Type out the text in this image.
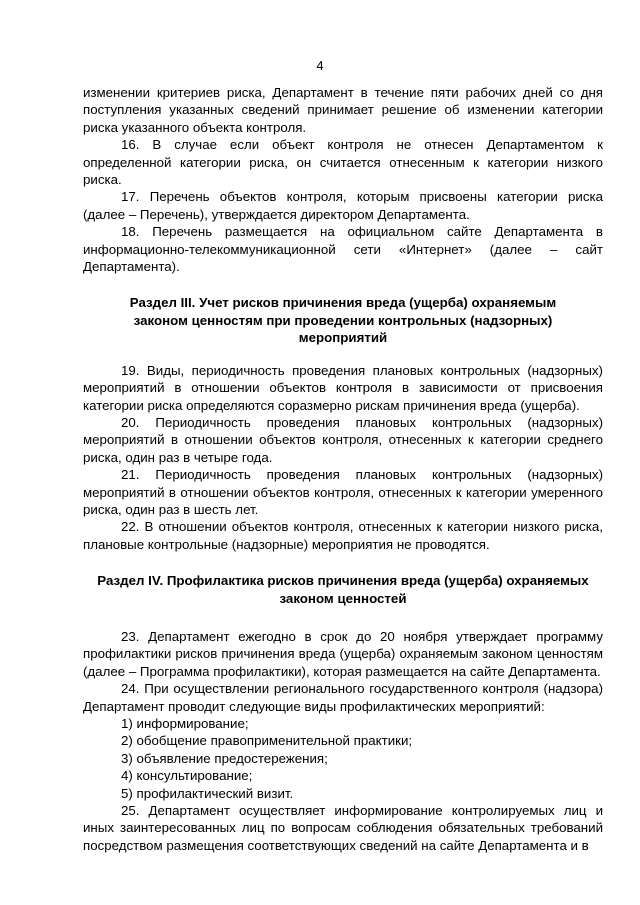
4

изменении критериев риска, Департамент в течение пяти рабочих дней со дня поступления указанных сведений принимает решение об изменении категории риска указанного объекта контроля.

16. В случае если объект контроля не отнесен Департаментом к определенной категории риска, он считается отнесенным к категории низкого риска.

17. Перечень объектов контроля, которым присвоены категории риска (далее – Перечень), утверждается директором Департамента.

18. Перечень размещается на официальном сайте Департамента в информационно-телекоммуникационной сети «Интернет» (далее – сайт Департамента).

Раздел III. Учет рисков причинения вреда (ущерба) охраняемым

законом ценностям при проведении контрольных (надзорных)

мероприятий

19. Виды, периодичность проведения плановых контрольных (надзорных) мероприятий в отношении объектов контроля в зависимости от присвоения категории риска определяются соразмерно рискам причинения вреда (ущерба).

20. Периодичность проведения плановых контрольных (надзорных) мероприятий в отношении объектов контроля, отнесенных к категории среднего риска, один раз в четыре года.

21. Периодичность проведения плановых контрольных (надзорных) мероприятий в отношении объектов контроля, отнесенных к категории умеренного риска, один раз в шесть лет.

22. В отношении объектов контроля, отнесенных к категории низкого риска, плановые контрольные (надзорные) мероприятия не проводятся.

Раздел IV. Профилактика рисков причинения вреда (ущерба) охраняемых

законом ценностей

23. Департамент ежегодно в срок до 20 ноября утверждает программу профилактики рисков причинения вреда (ущерба) охраняемым законом ценностям (далее – Программа профилактики), которая размещается на сайте Департамента.

24. При осуществлении регионального государственного контроля (надзора) Департамент проводит следующие виды профилактических мероприятий:

1) информирование;

2) обобщение правоприменительной практики;

3) объявление предостережения;

4) консультирование;

5) профилактический визит.

25. Департамент осуществляет информирование контролируемых лиц и иных заинтересованных лиц по вопросам соблюдения обязательных требований посредством размещения соответствующих сведений на сайте Департамента и в
